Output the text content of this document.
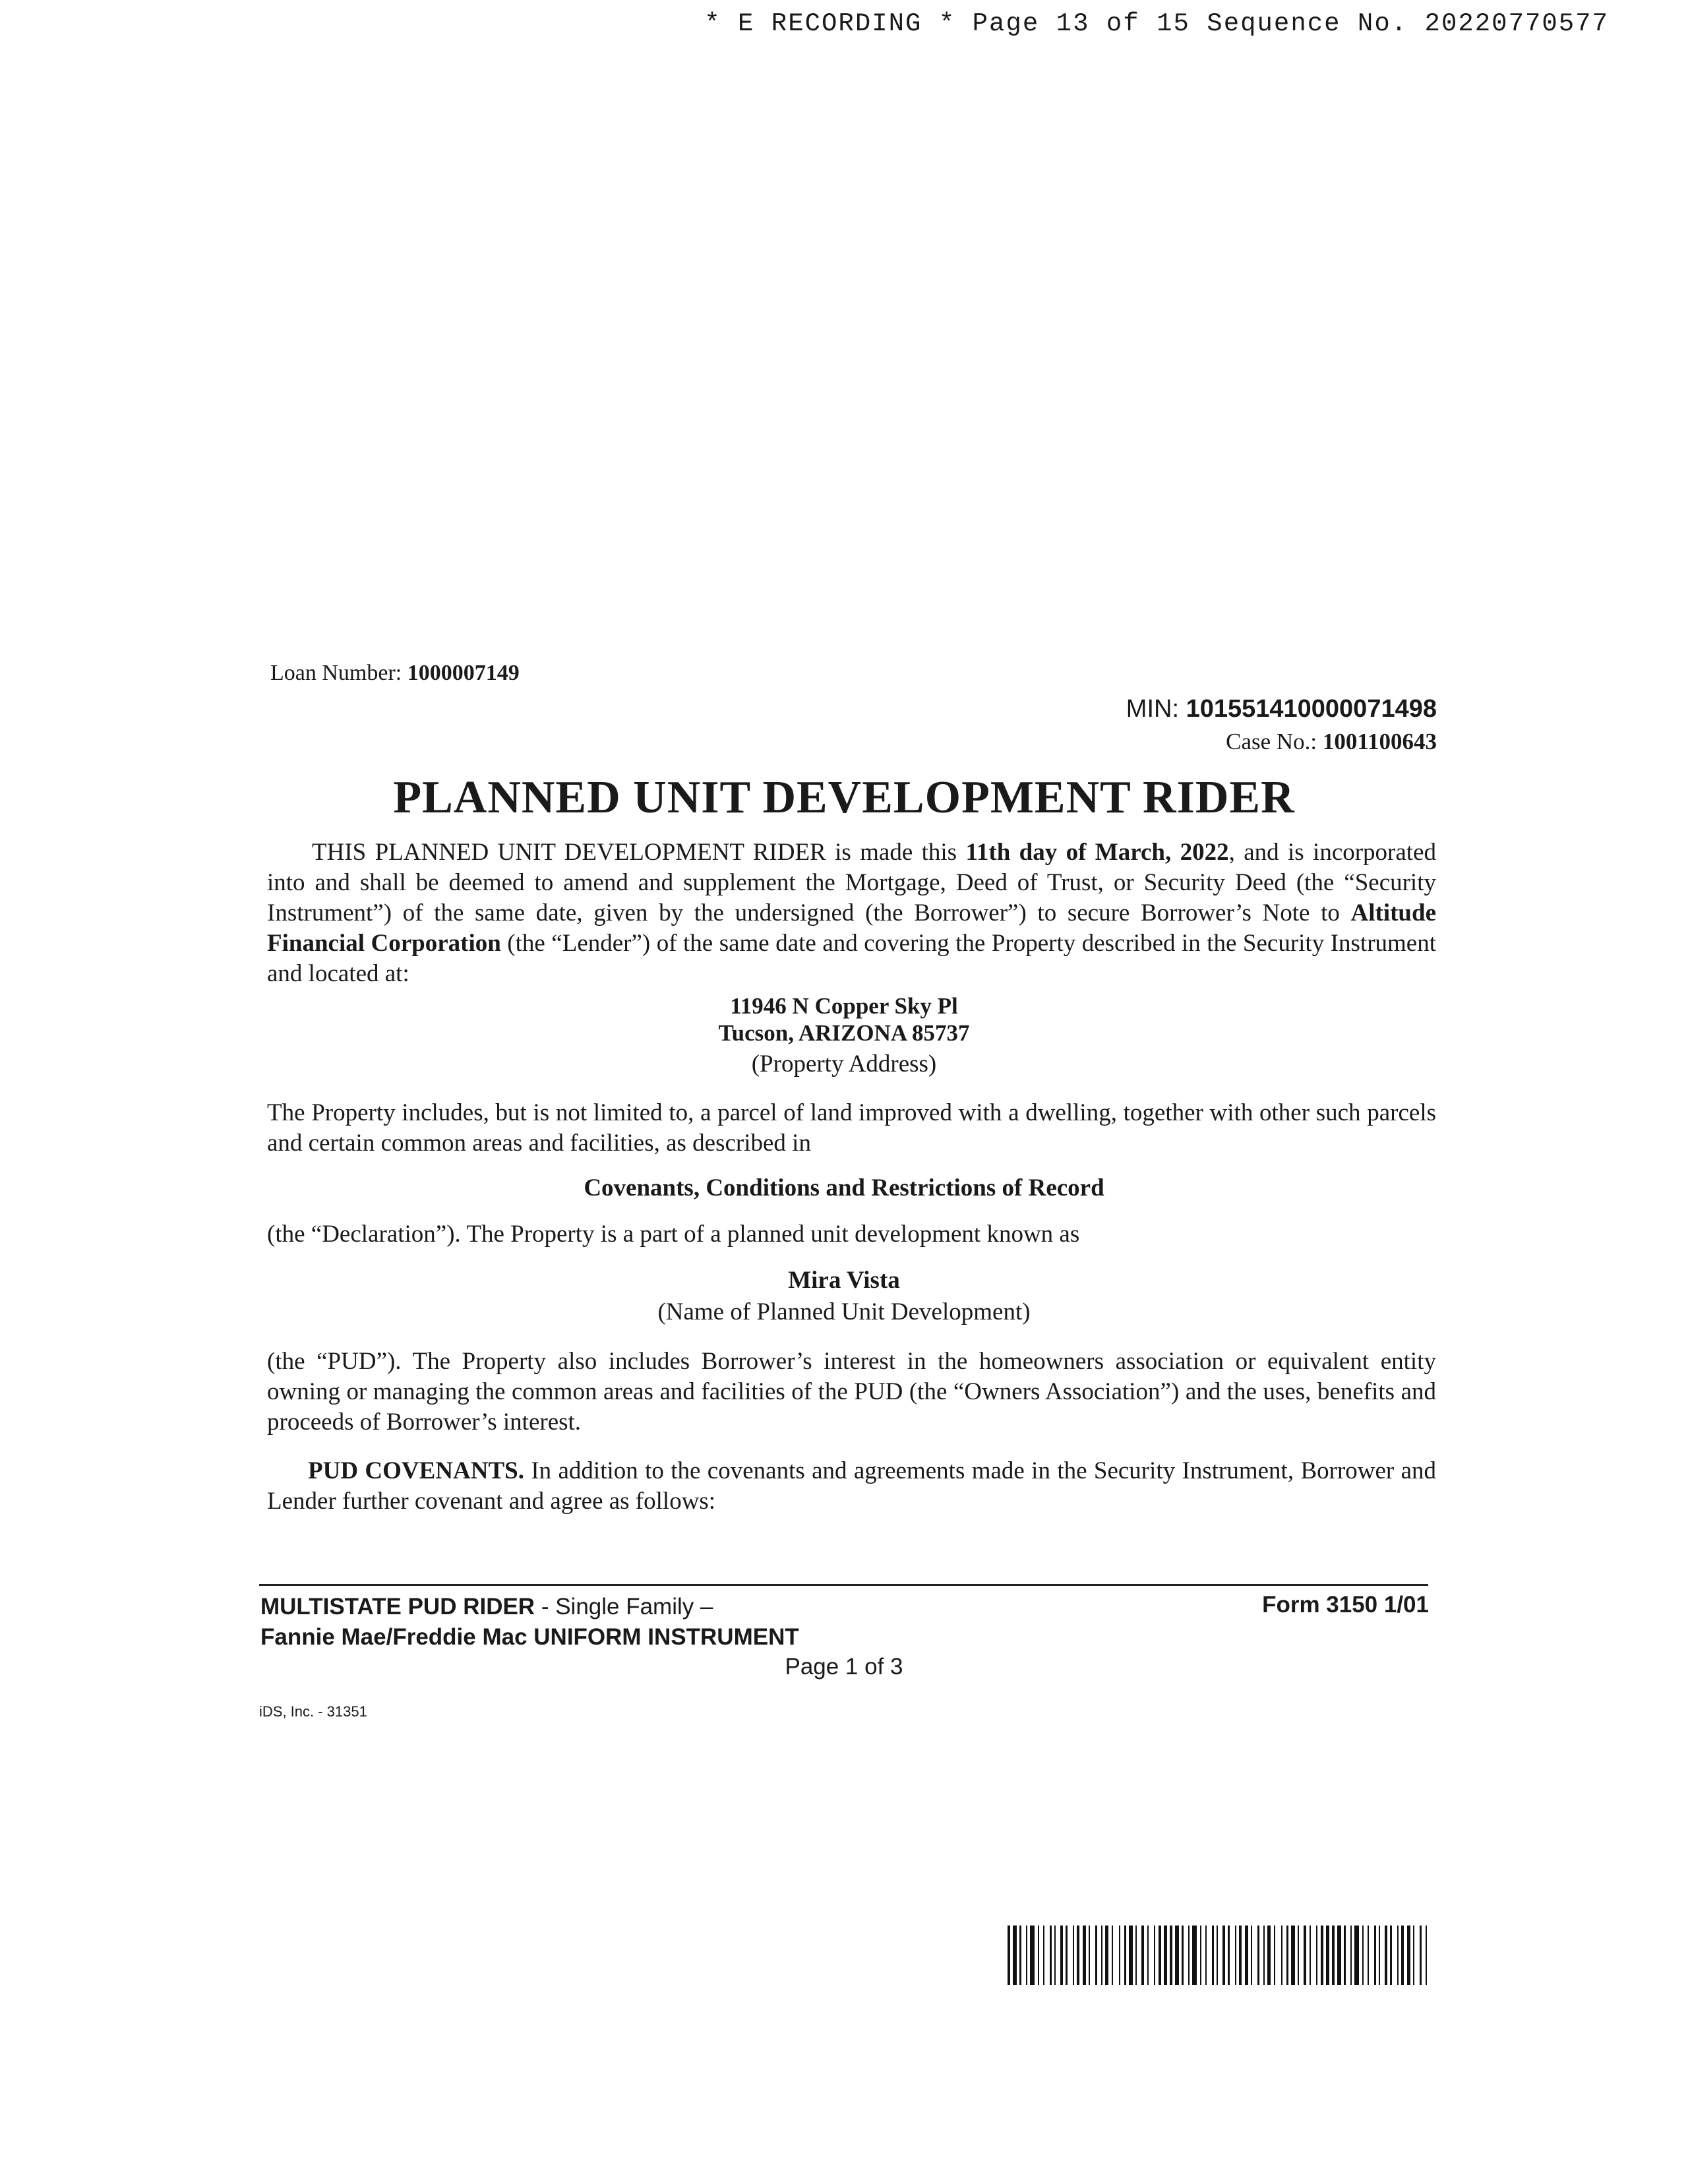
* E RECORDING * Page 13 of 15 Sequence No. 20220770577
Loan Number: 1000007149
MIN: 101551410000071498
Case No.: 1001100643
PLANNED UNIT DEVELOPMENT RIDER
THIS PLANNED UNIT DEVELOPMENT RIDER is made this 11th day of March, 2022, and is incorporated into and shall be deemed to amend and supplement the Mortgage, Deed of Trust, or Security Deed (the “Security Instrument”) of the same date, given by the undersigned (the Borrower”) to secure Borrower’s Note to Altitude Financial Corporation (the “Lender”) of the same date and covering the Property described in the Security Instrument and located at:
11946 N Copper Sky Pl
Tucson, ARIZONA 85737
(Property Address)
The Property includes, but is not limited to, a parcel of land improved with a dwelling, together with other such parcels and certain common areas and facilities, as described in
Covenants, Conditions and Restrictions of Record
(the “Declaration”). The Property is a part of a planned unit development known as
Mira Vista
(Name of Planned Unit Development)
(the “PUD”). The Property also includes Borrower’s interest in the homeowners association or equivalent entity owning or managing the common areas and facilities of the PUD (the “Owners Association”) and the uses, benefits and proceeds of Borrower’s interest.
PUD COVENANTS. In addition to the covenants and agreements made in the Security Instrument, Borrower and Lender further covenant and agree as follows:
MULTISTATE PUD RIDER - Single Family –
Fannie Mae/Freddie Mac UNIFORM INSTRUMENT
Form 3150 1/01
Page 1 of 3
iDS, Inc. - 31351
